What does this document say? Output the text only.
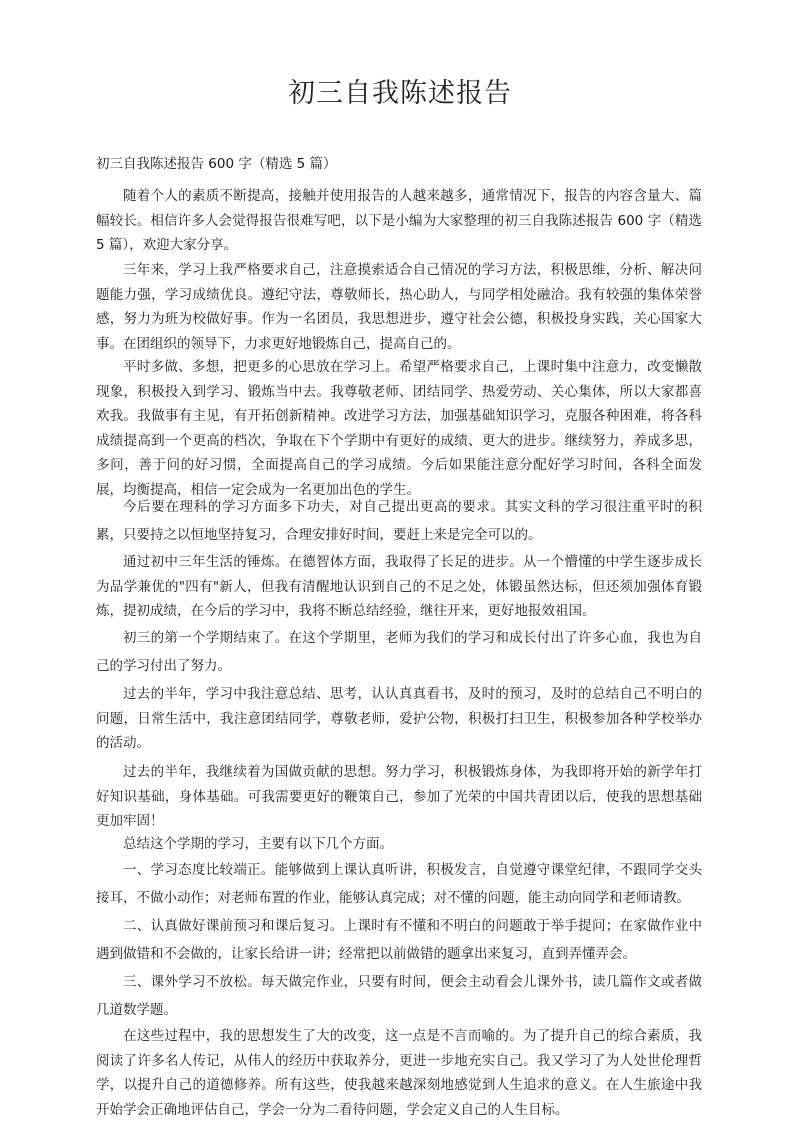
初三自我陈述报告
初三自我陈述报告 600 字（精选 5 篇）
随着个人的素质不断提高，接触并使用报告的人越来越多，通常情况下，报告的内容含量大、篇幅较长。相信许多人会觉得报告很难写吧，以下是小编为大家整理的初三自我陈述报告 600 字（精选 5 篇），欢迎大家分享。
三年来，学习上我严格要求自己，注意摸索适合自己情况的学习方法，积极思维，分析、解决问题能力强，学习成绩优良。遵纪守法，尊敬师长，热心助人，与同学相处融洽。我有较强的集体荣誉感，努力为班为校做好事。作为一名团员，我思想进步，遵守社会公德，积极投身实践，关心国家大事。在团组织的领导下，力求更好地锻炼自己，提高自己的。
平时多做、多想，把更多的心思放在学习上。希望严格要求自己，上课时集中注意力，改变懒散现象，积极投入到学习、锻炼当中去。我尊敬老师、团结同学、热爱劳动、关心集体，所以大家都喜欢我。我做事有主见，有开拓创新精神。改进学习方法，加强基础知识学习，克服各种困难，将各科成绩提高到一个更高的档次，争取在下个学期中有更好的成绩、更大的进步。继续努力，养成多思，多问，善于问的好习惯，全面提高自己的学习成绩。今后如果能注意分配好学习时间，各科全面发展，均衡提高，相信一定会成为一名更加出色的学生。
今后要在理科的学习方面多下功夫，对自己提出更高的要求。其实文科的学习很注重平时的积累，只要持之以恒地坚持复习，合理安排好时间，要赶上来是完全可以的。
通过初中三年生活的锤炼。在德智体方面，我取得了长足的进步。从一个懵懂的中学生逐步成长为品学兼优的"四有"新人，但我有清醒地认识到自己的不足之处，体锻虽然达标，但还须加强体育锻炼，提初成绩，在今后的学习中，我将不断总结经验，继往开来，更好地报效祖国。
初三的第一个学期结束了。在这个学期里，老师为我们的学习和成长付出了许多心血，我也为自己的学习付出了努力。
过去的半年，学习中我注意总结、思考，认认真真看书，及时的预习，及时的总结自己不明白的问题，日常生活中，我注意团结同学，尊敬老师，爱护公物，积极打扫卫生，积极参加各种学校举办的活动。
过去的半年，我继续着为国做贡献的思想。努力学习，积极锻炼身体，为我即将开始的新学年打好知识基础，身体基础。可我需要更好的鞭策自己，参加了光荣的中国共青团以后，使我的思想基础更加牢固！
总结这个学期的学习，主要有以下几个方面。
一、学习态度比较端正。能够做到上课认真听讲，积极发言，自觉遵守课堂纪律，不跟同学交头接耳，不做小动作；对老师布置的作业，能够认真完成；对不懂的问题，能主动向同学和老师请教。
二、认真做好课前预习和课后复习。上课时有不懂和不明白的问题敢于举手提问；在家做作业中遇到做错和不会做的，让家长给讲一讲；经常把以前做错的题拿出来复习，直到弄懂弄会。
三、课外学习不放松。每天做完作业，只要有时间，便会主动看会儿课外书，读几篇作文或者做几道数学题。
在这些过程中，我的思想发生了大的改变，这一点是不言而喻的。为了提升自己的综合素质，我阅读了许多名人传记，从伟人的经历中获取养分，更进一步地充实自己。我又学习了为人处世伦理哲学，以提升自己的道德修养。所有这些，使我越来越深刻地感觉到人生追求的意义。在人生旅途中我开始学会正确地评估自己，学会一分为二看待问题，学会定义自己的人生目标。
